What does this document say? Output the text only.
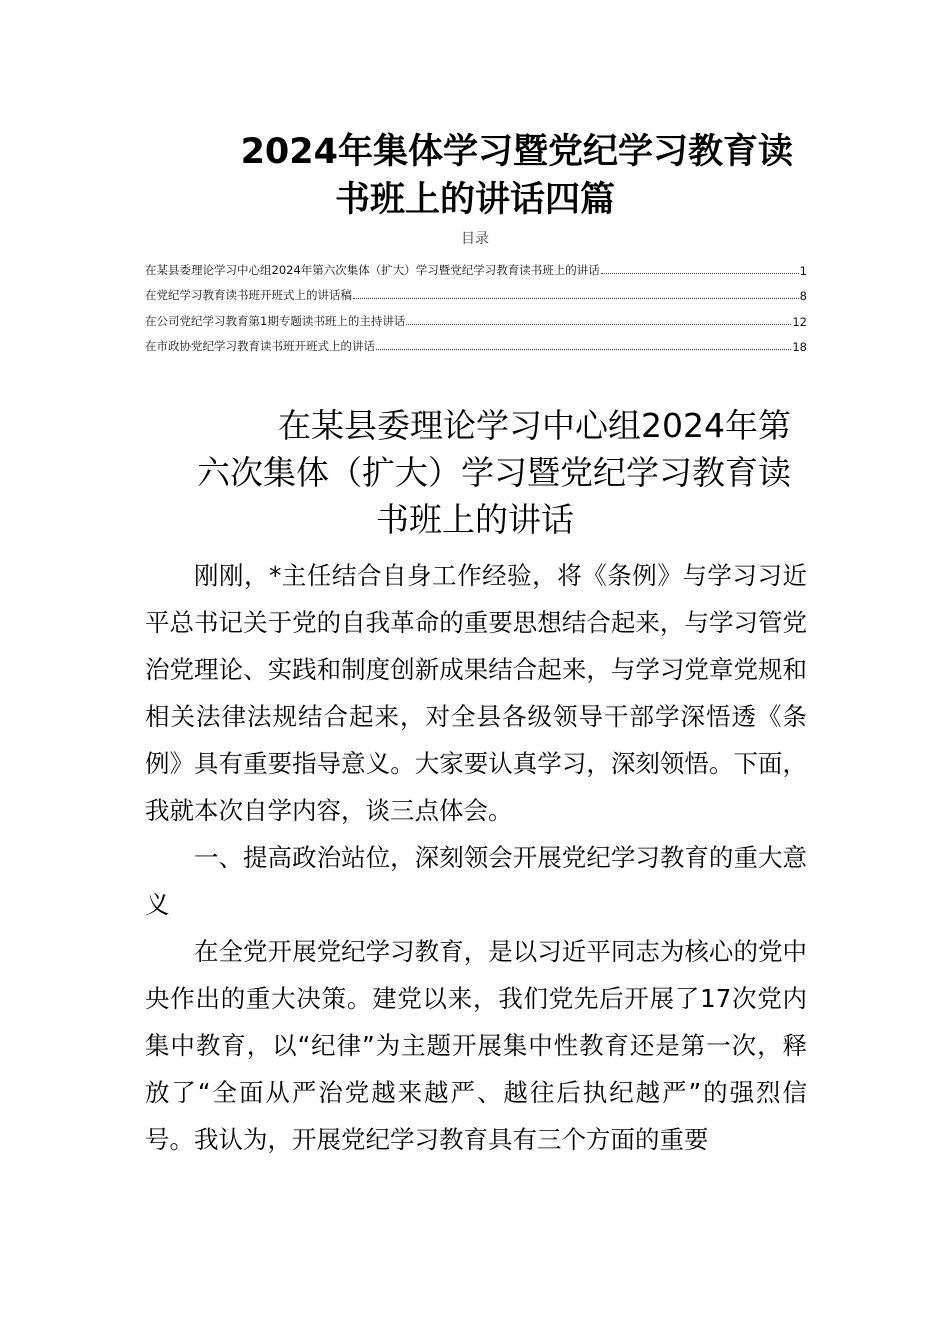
2024年集体学习暨党纪学习教育读
书班上的讲话四篇
目录
在某县委理论学习中心组2024年第六次集体（扩大）学习暨党纪学习教育读书班上的讲话	1
在党纪学习教育读书班开班式上的讲话稿	8
在公司党纪学习教育第1期专题读书班上的主持讲话	12
在市政协党纪学习教育读书班开班式上的讲话	18
在某县委理论学习中心组2024年第
六次集体（扩大）学习暨党纪学习教育读
书班上的讲话

刚刚，*主任结合自身工作经验，将《条例》与学习习近平总书记关于党的自我革命的重要思想结合起来，与学习管党治党理论、实践和制度创新成果结合起来，与学习党章党规和相关法律法规结合起来，对全县各级领导干部学深悟透《条例》具有重要指导意义。大家要认真学习，深刻领悟。下面，我就本次自学内容，谈三点体会。

一、提高政治站位，深刻领会开展党纪学习教育的重大意义

在全党开展党纪学习教育，是以习近平同志为核心的党中央作出的重大决策。建党以来，我们党先后开展了17次党内集中教育，以“纪律”为主题开展集中性教育还是第一次，释放了“全面从严治党越来越严、越往后执纪越严”的强烈信号。我认为，开展党纪学习教育具有三个方面的重要
